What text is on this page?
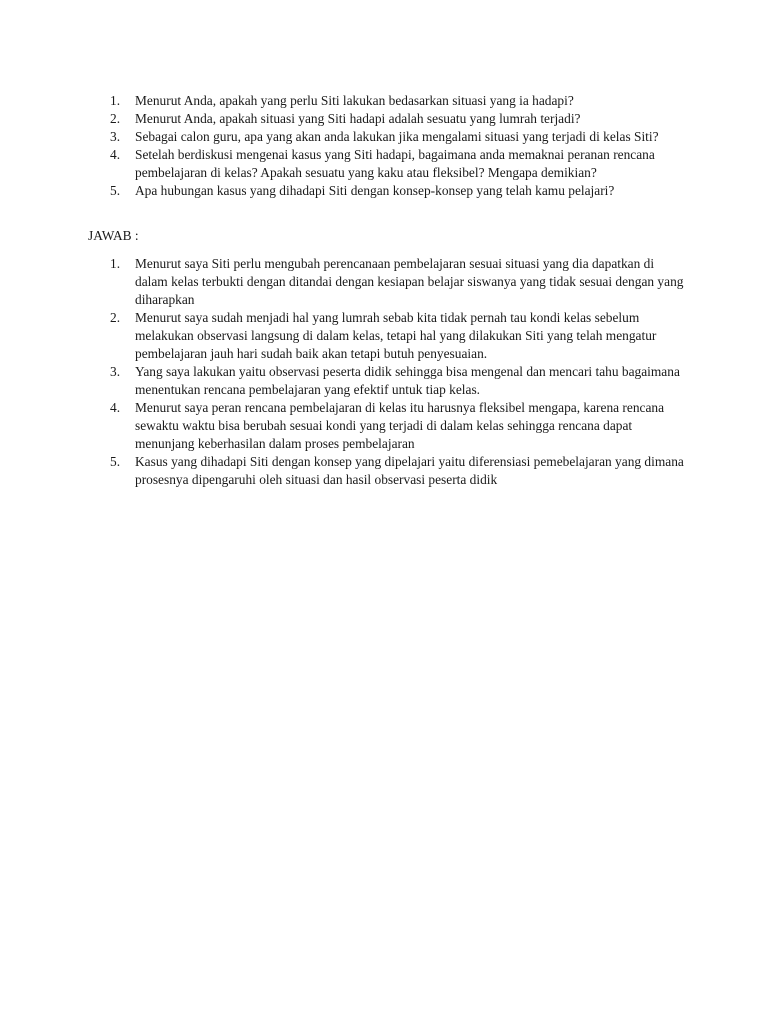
1. Menurut Anda, apakah yang perlu Siti lakukan bedasarkan situasi yang ia hadapi?
2. Menurut Anda, apakah situasi yang Siti hadapi adalah sesuatu yang lumrah terjadi?
3. Sebagai calon guru, apa yang akan anda lakukan jika mengalami situasi yang terjadi di kelas Siti?
4. Setelah berdiskusi mengenai kasus yang Siti hadapi, bagaimana anda memaknai peranan rencana pembelajaran di kelas? Apakah sesuatu yang kaku atau fleksibel? Mengapa demikian?
5. Apa hubungan kasus yang dihadapi Siti dengan konsep-konsep yang telah kamu pelajari?
JAWAB :
1. Menurut saya Siti perlu mengubah perencanaan pembelajaran sesuai situasi yang dia dapatkan di dalam kelas terbukti dengan ditandai dengan kesiapan belajar siswanya yang tidak sesuai dengan yang diharapkan
2. Menurut saya sudah menjadi hal yang lumrah sebab kita tidak pernah tau kondi kelas sebelum melakukan observasi langsung di dalam kelas, tetapi hal yang dilakukan Siti yang telah mengatur pembelajaran jauh hari sudah baik akan tetapi butuh penyesuaian.
3. Yang saya lakukan yaitu observasi peserta didik sehingga bisa mengenal dan mencari tahu bagaimana menentukan rencana pembelajaran yang efektif untuk tiap kelas.
4. Menurut saya peran rencana pembelajaran di kelas itu harusnya fleksibel mengapa, karena rencana sewaktu waktu bisa berubah sesuai kondi yang terjadi di dalam kelas sehingga rencana dapat menunjang keberhasilan dalam proses pembelajaran
5. Kasus yang dihadapi Siti dengan konsep yang dipelajari yaitu diferensiasi pemebelajaran yang dimana prosesnya dipengaruhi oleh situasi dan hasil observasi peserta didik
